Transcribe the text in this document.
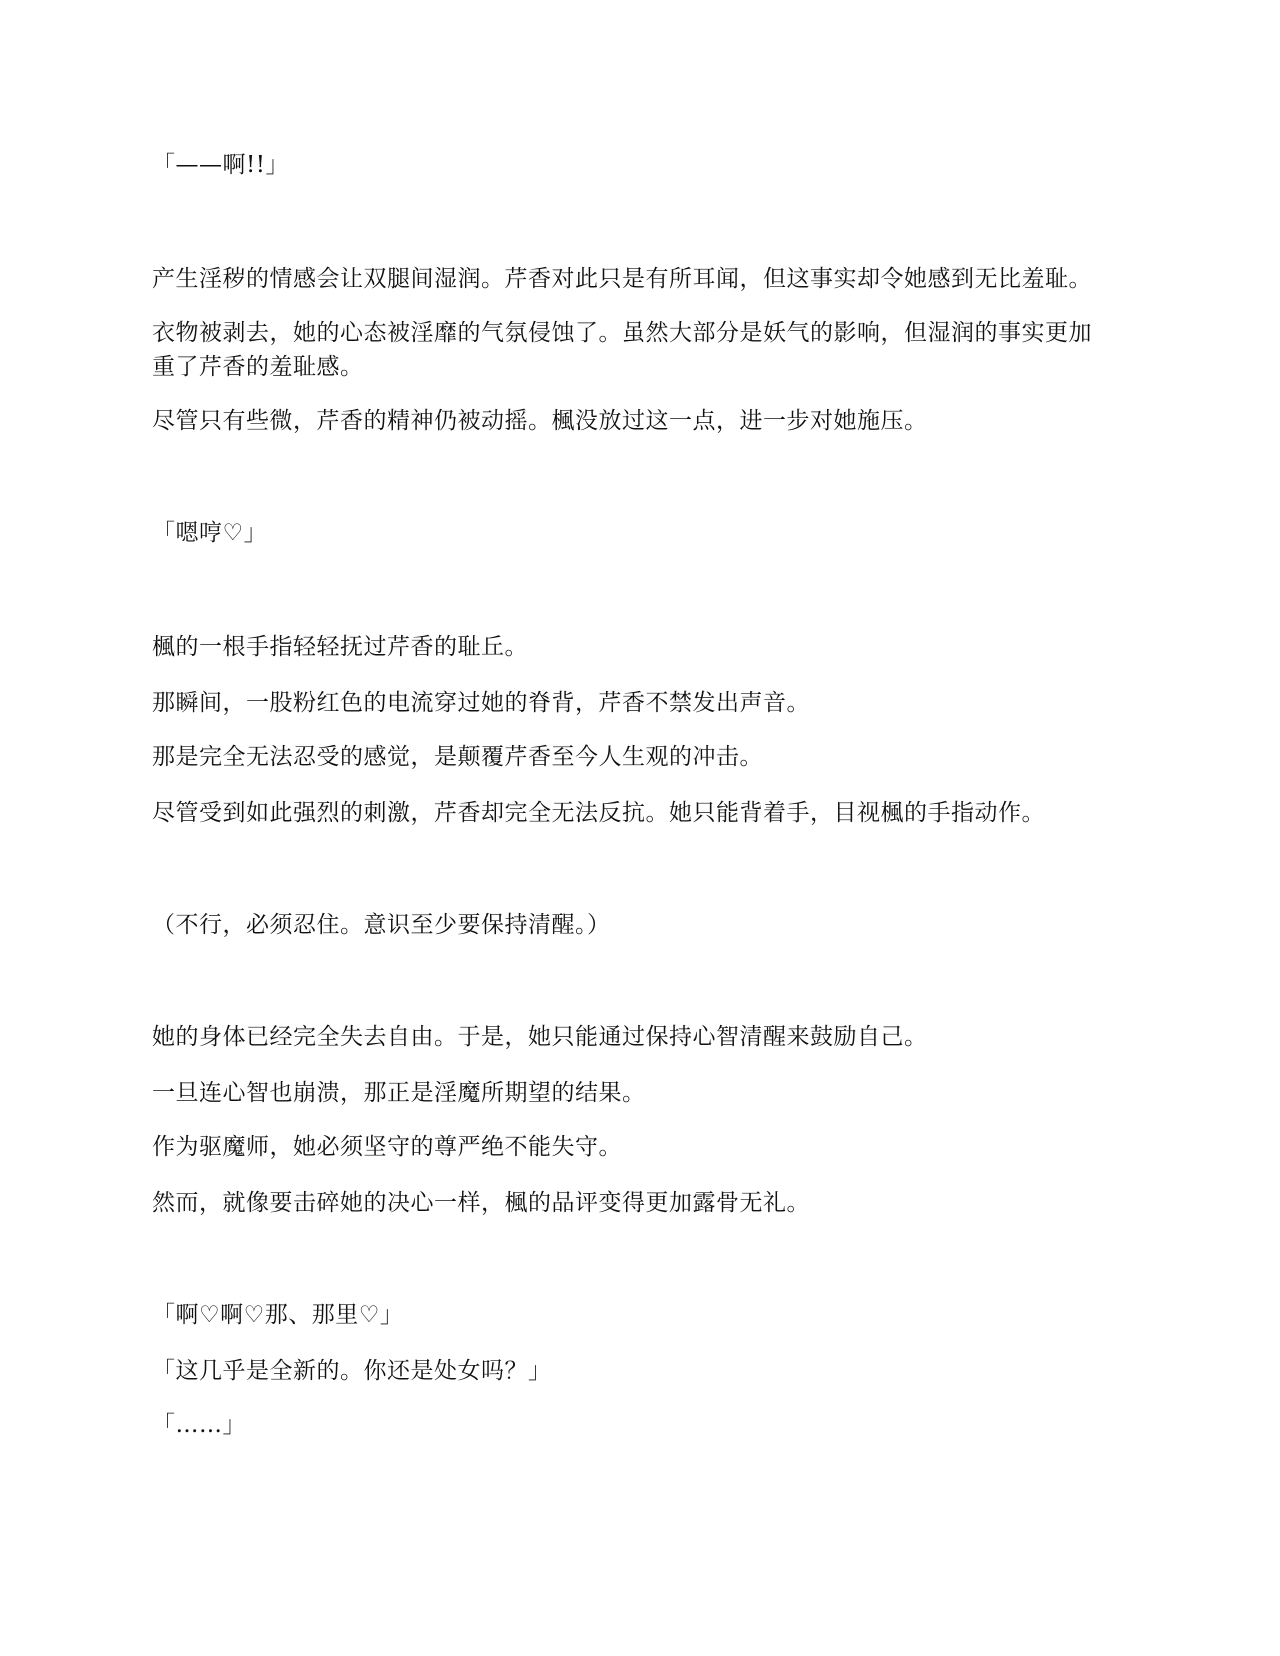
「——啊!!」
产生淫秽的情感会让双腿间湿润。芹香对此只是有所耳闻，但这事实却令她感到无比羞耻。
衣物被剥去，她的心态被淫靡的气氛侵蚀了。虽然大部分是妖气的影响，但湿润的事实更加重了芹香的羞耻感。
尽管只有些微，芹香的精神仍被动摇。楓没放过这一点，进一步对她施压。
「嗯哼♡」
楓的一根手指轻轻抚过芹香的耻丘。
那瞬间，一股粉红色的电流穿过她的脊背，芹香不禁发出声音。
那是完全无法忍受的感觉，是颠覆芹香至今人生观的冲击。
尽管受到如此强烈的刺激，芹香却完全无法反抗。她只能背着手，目视楓的手指动作。
（不行，必须忍住。意识至少要保持清醒。）
她的身体已经完全失去自由。于是，她只能通过保持心智清醒来鼓励自己。
一旦连心智也崩溃，那正是淫魔所期望的结果。
作为驱魔师，她必须坚守的尊严绝不能失守。
然而，就像要击碎她的决心一样，楓的品评变得更加露骨无礼。
「啊♡啊♡那、那里♡」
「这几乎是全新的。你还是处女吗？」
「……」
